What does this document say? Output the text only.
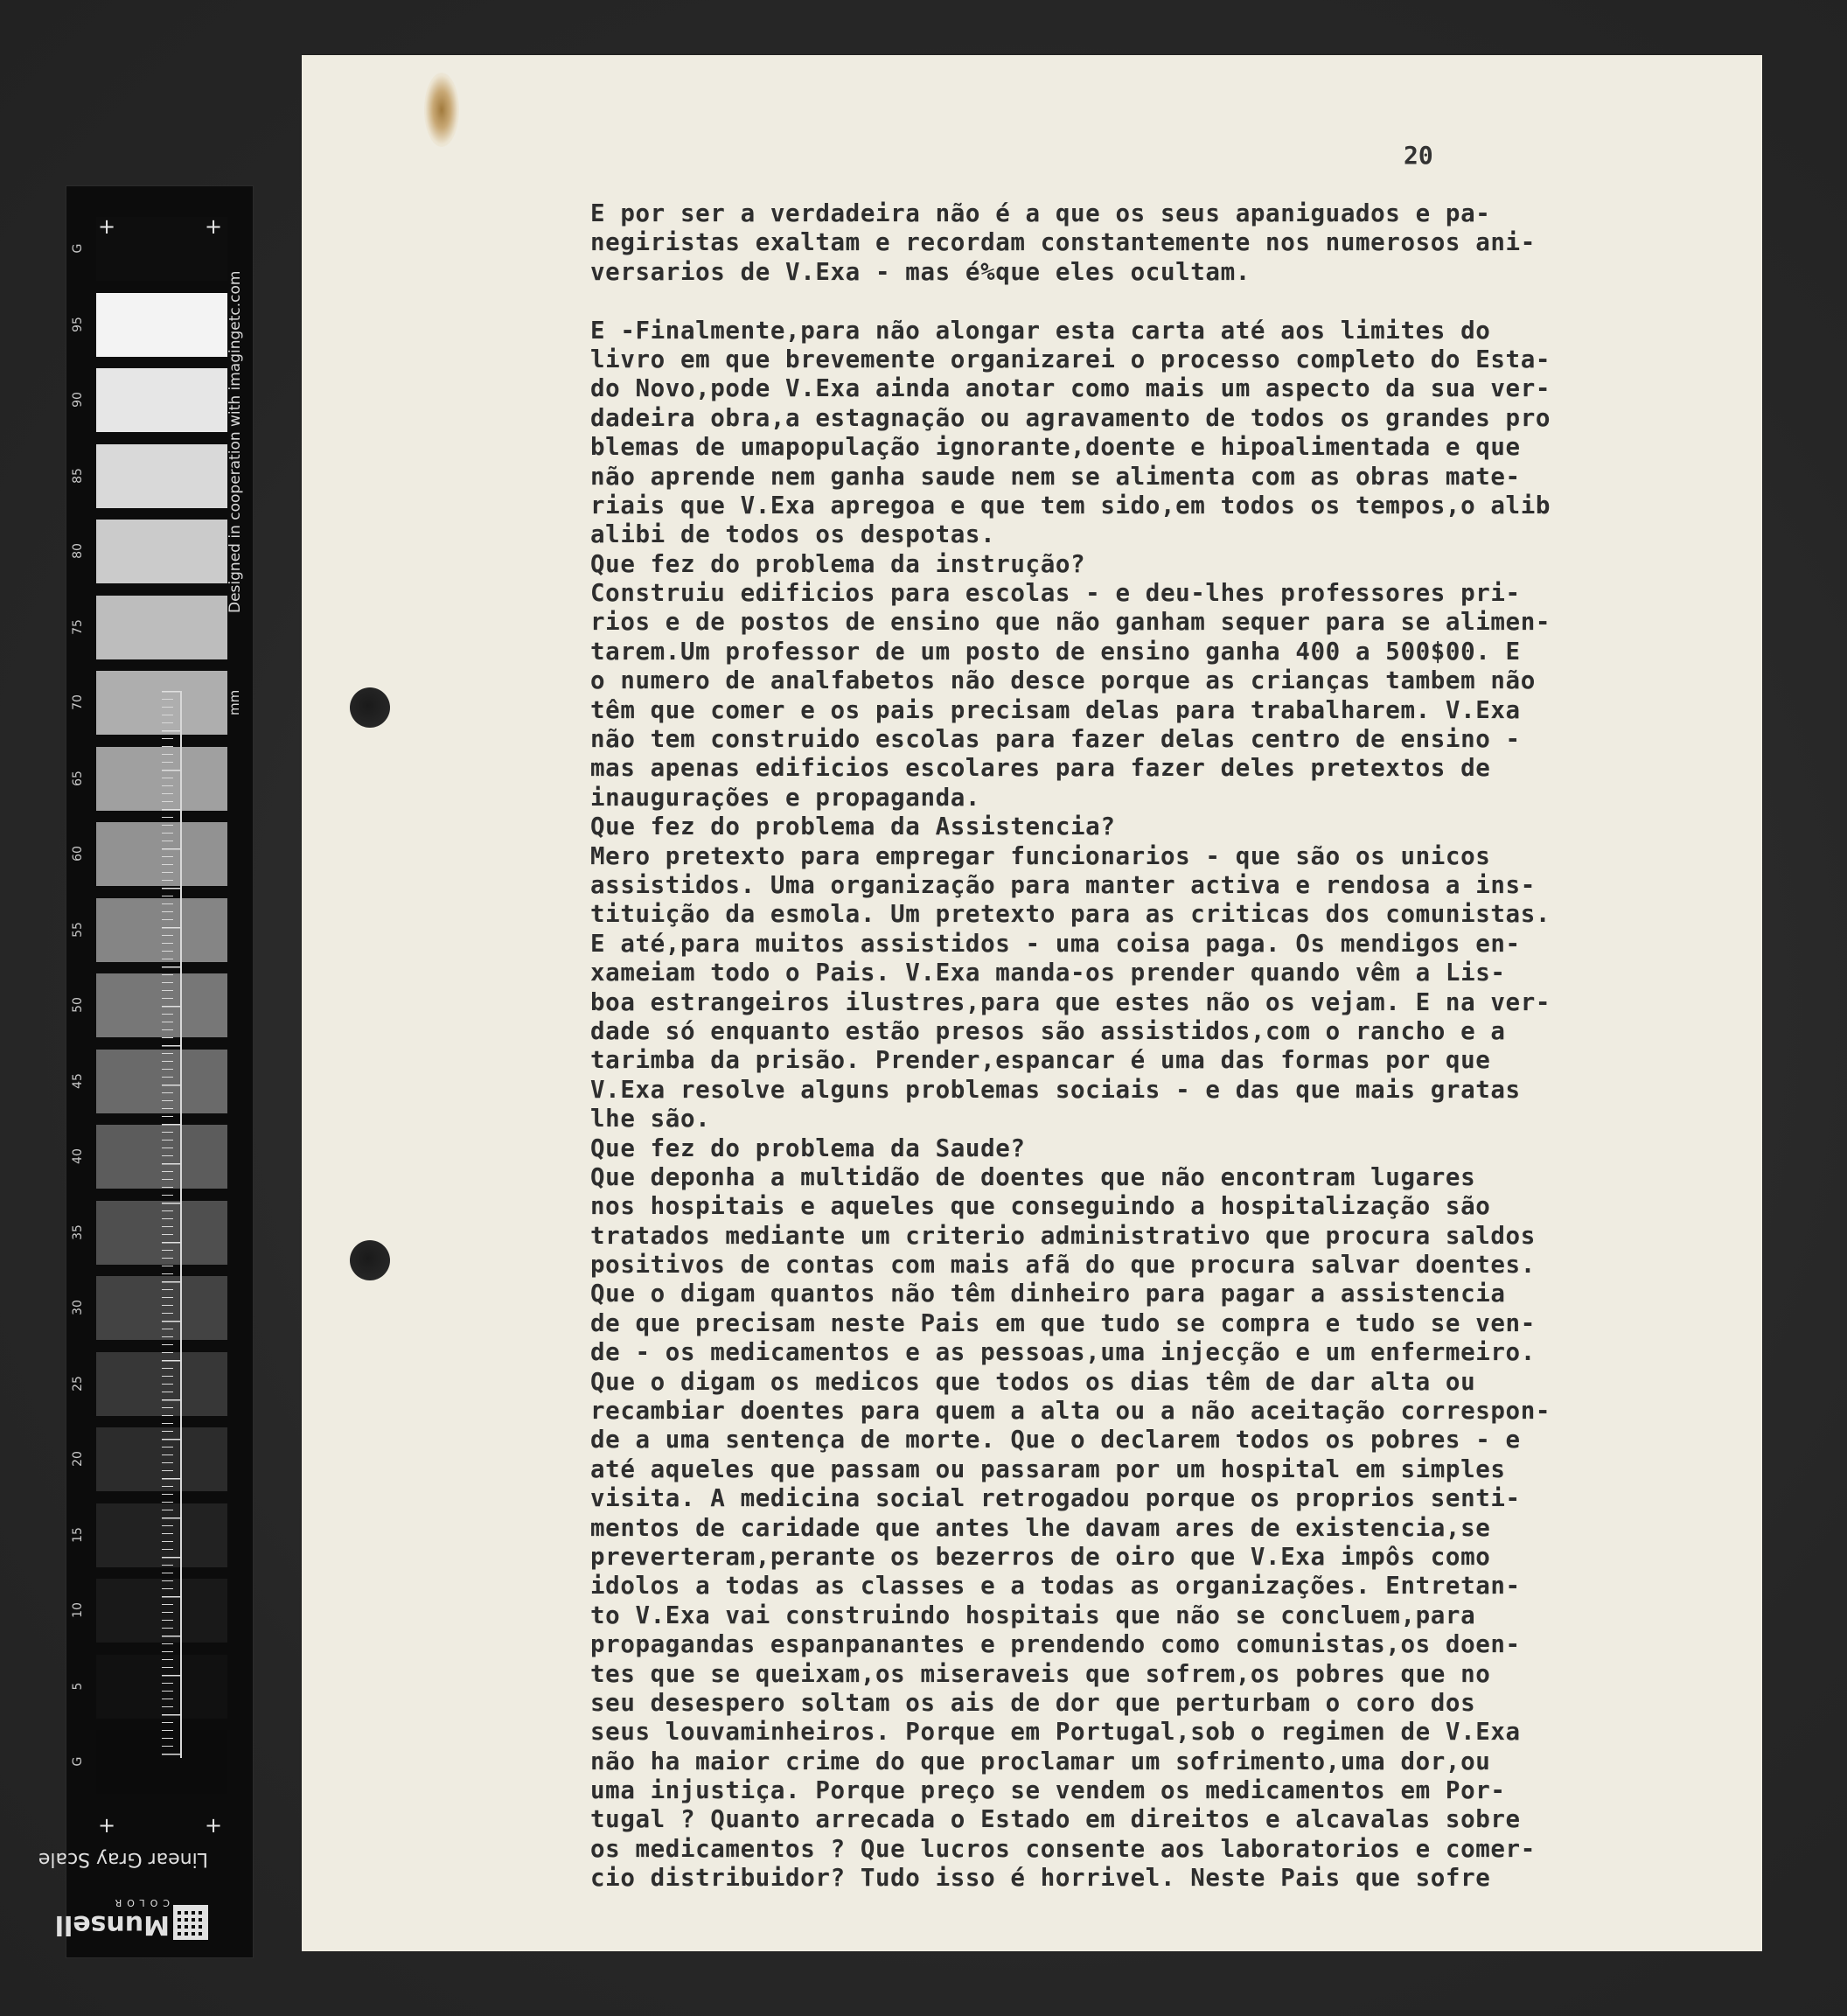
G
95
90
85
80
75
70
65
60
55
50
45
40
35
30
25
20
15
10
5
G
+	+
+	+
Designed in cooperation with imagingetc.com
mm
Munsell
COLOR
Linear Gray Scale
20
E por ser a verdadeira não é a que os seus apaniguados e pa-
negiristas exaltam e recordam constantemente nos numerosos ani-
versarios de V.Exa - mas é%que eles ocultam.
E -Finalmente,para não alongar esta carta até aos limites do
livro em que brevemente organizarei o processo completo do Esta-
do Novo,pode V.Exa ainda anotar como mais um aspecto da sua ver-
dadeira obra,a estagnação ou agravamento de todos os grandes pro
blemas de umapopulação ignorante,doente e hipoalimentada e que
não aprende nem ganha saude nem se alimenta com as obras mate-
riais que V.Exa apregoa e que tem sido,em todos os tempos,o alib
alibi de todos os despotas.
Que fez do problema da instrução?
Construiu edificios para escolas - e deu-lhes professores pri-
rios e de postos de ensino que não ganham sequer para se alimen-
tarem.Um professor de um posto de ensino ganha 400 a 500$00. E
o numero de analfabetos não desce porque as crianças tambem não
têm que comer e os pais precisam delas para trabalharem. V.Exa
não tem construido escolas para fazer delas centro de ensino -
mas apenas edificios escolares para fazer deles pretextos de
inaugurações e propaganda.
Que fez do problema da Assistencia?
Mero pretexto para empregar funcionarios - que são os unicos
assistidos. Uma organização para manter activa e rendosa a ins-
tituição da esmola. Um pretexto para as criticas dos comunistas.
E até,para muitos assistidos - uma coisa paga. Os mendigos en-
xameiam todo o Pais. V.Exa manda-os prender quando vêm a Lis-
boa estrangeiros ilustres,para que estes não os vejam. E na ver-
dade só enquanto estão presos são assistidos,com o rancho e a
tarimba da prisão. Prender,espancar é uma das formas por que
V.Exa resolve alguns problemas sociais - e das que mais gratas
lhe são.
Que fez do problema da Saude?
Que deponha a multidão de doentes que não encontram lugares
nos hospitais e aqueles que conseguindo a hospitalização são
tratados mediante um criterio administrativo que procura saldos
positivos de contas com mais afã do que procura salvar doentes.
Que o digam quantos não têm dinheiro para pagar a assistencia
de que precisam neste Pais em que tudo se compra e tudo se ven-
de - os medicamentos e as pessoas,uma injecção e um enfermeiro.
Que o digam os medicos que todos os dias têm de dar alta ou
recambiar doentes para quem a alta ou a não aceitação correspon-
de a uma sentença de morte. Que o declarem todos os pobres - e
até aqueles que passam ou passaram por um hospital em simples
visita. A medicina social retrogadou porque os proprios senti-
mentos de caridade que antes lhe davam ares de existencia,se
preverteram,perante os bezerros de oiro que V.Exa impôs como
idolos a todas as classes e a todas as organizações. Entretan-
to V.Exa vai construindo hospitais que não se concluem,para
propagandas espanpanantes e prendendo como comunistas,os doen-
tes que se queixam,os miseraveis que sofrem,os pobres que no
seu desespero soltam os ais de dor que perturbam o coro dos
seus louvaminheiros. Porque em Portugal,sob o regimen de V.Exa
não ha maior crime do que proclamar um sofrimento,uma dor,ou
uma injustiça. Porque preço se vendem os medicamentos em Por-
tugal ? Quanto arrecada o Estado em direitos e alcavalas sobre
os medicamentos ? Que lucros consente aos laboratorios e comer-
cio distribuidor? Tudo isso é horrivel. Neste Pais que sofre
